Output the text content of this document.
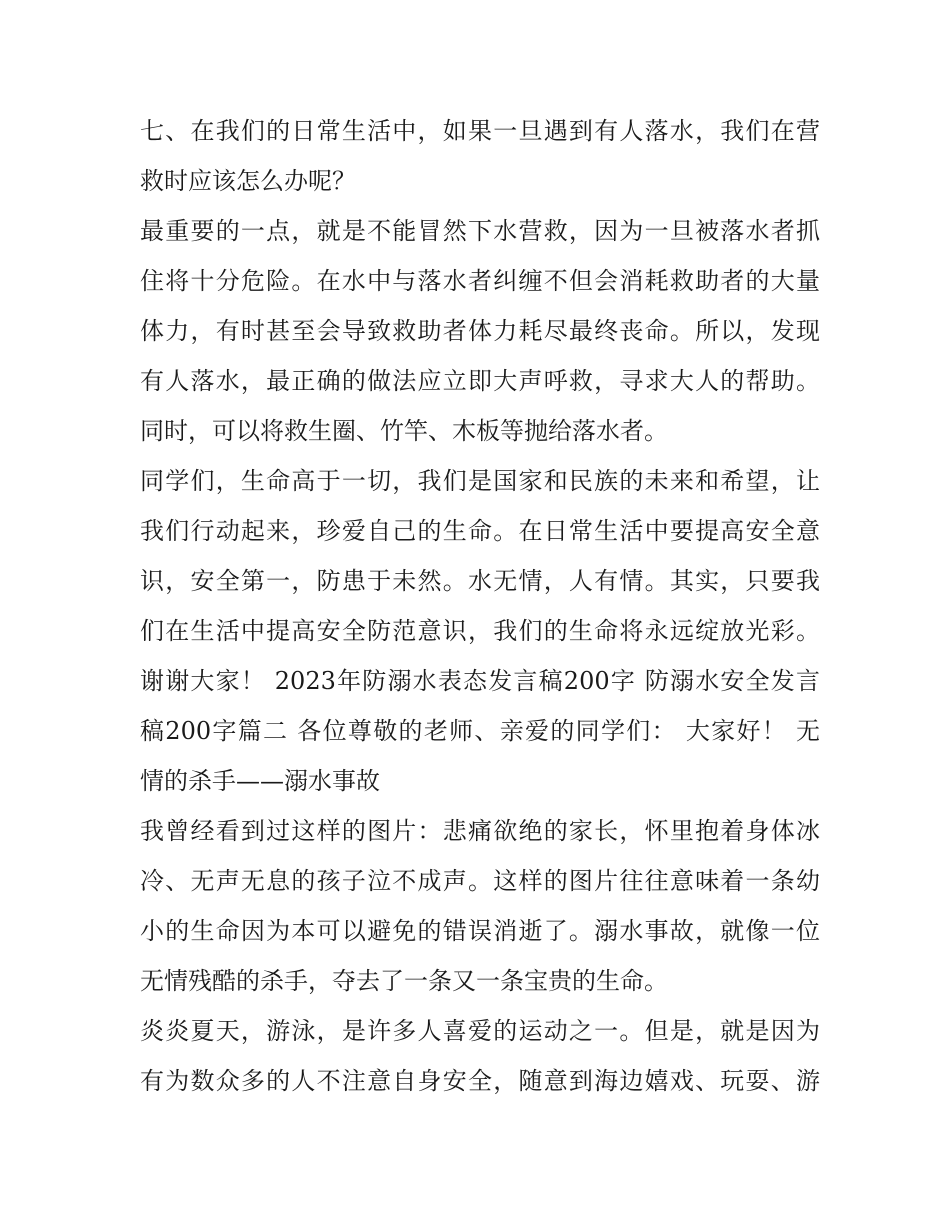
七、在我们的日常生活中，如果一旦遇到有人落水，我们在营
救时应该怎么办呢？

最重要的一点，就是不能冒然下水营救，因为一旦被落水者抓
住将十分危险。在水中与落水者纠缠不但会消耗救助者的大量
体力，有时甚至会导致救助者体力耗尽最终丧命。所以，发现
有人落水，最正确的做法应立即大声呼救，寻求大人的帮助。
同时，可以将救生圈、竹竿、木板等抛给落水者。

同学们，生命高于一切，我们是国家和民族的未来和希望，让
我们行动起来，珍爱自己的生命。在日常生活中要提高安全意
识，安全第一，防患于未然。水无情，人有情。其实，只要我
们在生活中提高安全防范意识，我们的生命将永远绽放光彩。
谢谢大家！ 2023年防溺水表态发言稿200字 防溺水安全发言
稿200字篇二 各位尊敬的老师、亲爱的同学们： 大家好！ 无
情的杀手——溺水事故

我曾经看到过这样的图片：悲痛欲绝的家长，怀里抱着身体冰
冷、无声无息的孩子泣不成声。这样的图片往往意味着一条幼
小的生命因为本可以避免的错误消逝了。溺水事故，就像一位
无情残酷的杀手，夺去了一条又一条宝贵的生命。

炎炎夏天，游泳，是许多人喜爱的运动之一。但是，就是因为
有为数众多的人不注意自身安全，随意到海边嬉戏、玩耍、游
